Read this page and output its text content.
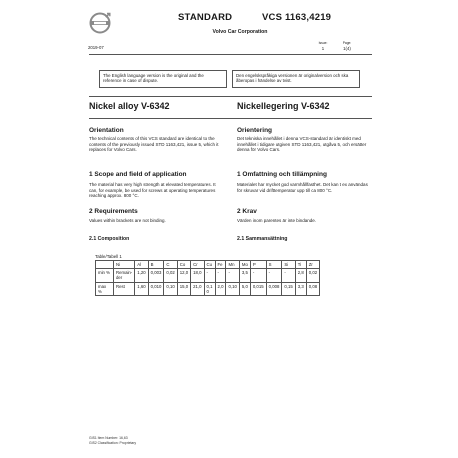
STANDARD	VCS 1163,4219
Volvo Car Corporation
2019-07
Issue:
1
Page:
1(4)
The English language version is the original and the reference in case of dispute.
Den engelskspråkiga versionen är originalversion och ska åberopas i händelse av tvist.
Nickel alloy V-6342
Orientation
The technical contents of this VCS standard are identical to the contents of the previously issued STD 1163,421, issue 5, which it replaces for Volvo Cars.
1 Scope and field of application
The material has very high strength at elevated temperatures. It can, for example, be used for screws at operating temperatures reaching approx. 800 °C.
2 Requirements
Values within brackets are not binding.
2.1 Composition
Nickellegering V-6342
Orientering
Det tekniska innehållet i denna VCS-standard är identiskt med innehållet i tidigare utgiven STD 1163,421, utgåva 5, och ersätter denna för Volvo Cars.
1 Omfattning och tillämpning
Materialet har mycket god varmhållfasthet. Det kan t ex användas för skruvar vid drifttemperatur upp till ca 800 °C.
2 Krav
Värden inom parentes är inte bindande.
2.1 Sammansättning
Table/Tabell 1
	Ni	Al	B	C	Co	Cr	Cu	Fe	Mn	Mo	P	S	Si	Ti	Zr
min %	Remain-
der	1,20	0,003	0,02	12,0	18,0	-	-	-	3,5	-	-	-	2,8	0,02
max %	Rest	1,60	0,010	0,10	15,0	21,0	0,1
0	2,0	0,10	5,0	0,015	0,008	0,15	3,3	0,08
GIS1 Item Number: 16,63
GIS2 Classification: Proprietary
